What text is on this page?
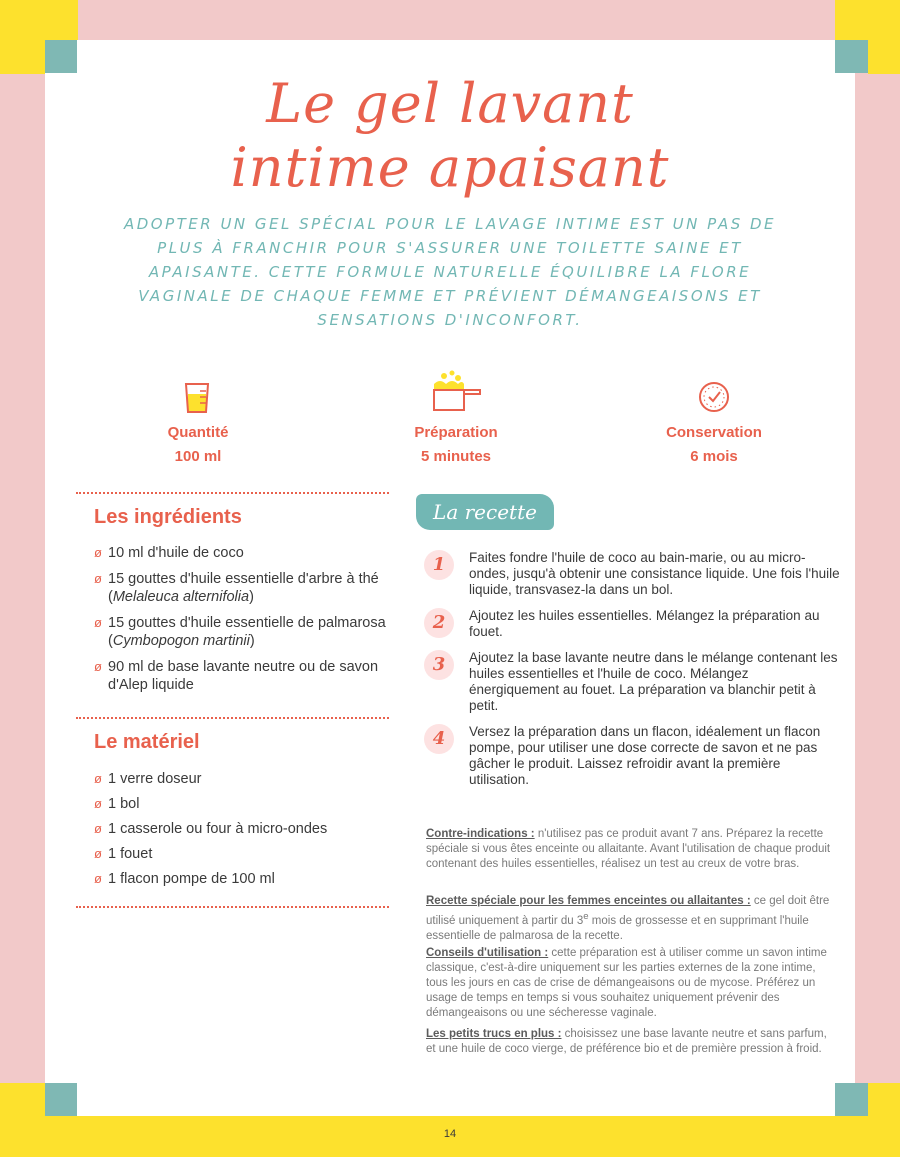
Le gel lavant
intime apaisant
ADOPTER UN GEL SPÉCIAL POUR LE LAVAGE INTIME EST UN PAS DE PLUS À FRANCHIR POUR S'ASSURER UNE TOILETTE SAINE ET APAISANTE. CETTE FORMULE NATURELLE ÉQUILIBRE LA FLORE VAGINALE DE CHAQUE FEMME ET PRÉVIENT DÉMANGEAISONS ET SENSATIONS D'INCONFORT.
Quantité
100 ml
Préparation
5 minutes
Conservation
6 mois
Les ingrédients
ø 10 ml d'huile de coco
ø 15 gouttes d'huile essentielle d'arbre à thé (Melaleuca alternifolia)
ø 15 gouttes d'huile essentielle de palmarosa (Cymbopogon martinii)
ø 90 ml de base lavante neutre ou de savon d'Alep liquide
Le matériel
ø 1 verre doseur
ø 1 bol
ø 1 casserole ou four à micro-ondes
ø 1 fouet
ø 1 flacon pompe de 100 ml
La recette
1	Faites fondre l'huile de coco au bain-marie, ou au micro-ondes, jusqu'à obtenir une consistance liquide. Une fois l'huile liquide, transvasez-la dans un bol.
2	Ajoutez les huiles essentielles. Mélangez la préparation au fouet.
3	Ajoutez la base lavante neutre dans le mélange contenant les huiles essentielles et l'huile de coco. Mélangez énergiquement au fouet. La préparation va blanchir petit à petit.
4	Versez la préparation dans un flacon, idéalement un flacon pompe, pour utiliser une dose correcte de savon et ne pas gâcher le produit. Laissez refroidir avant la première utilisation.
Contre-indications : n'utilisez pas ce produit avant 7 ans. Préparez la recette spéciale si vous êtes enceinte ou allaitante. Avant l'utilisation de chaque produit contenant des huiles essentielles, réalisez un test au creux de votre bras.
Recette spéciale pour les femmes enceintes ou allaitantes : ce gel doit être utilisé uniquement à partir du 3e mois de grossesse et en supprimant l'huile essentielle de palmarosa de la recette.
Conseils d'utilisation : cette préparation est à utiliser comme un savon intime classique, c'est-à-dire uniquement sur les parties externes de la zone intime, tous les jours en cas de crise de démangeaisons ou de mycose. Préférez un usage de temps en temps si vous souhaitez uniquement prévenir des démangeaisons ou une sécheresse vaginale.
Les petits trucs en plus : choisissez une base lavante neutre et sans parfum, et une huile de coco vierge, de préférence bio et de première pression à froid.
14
